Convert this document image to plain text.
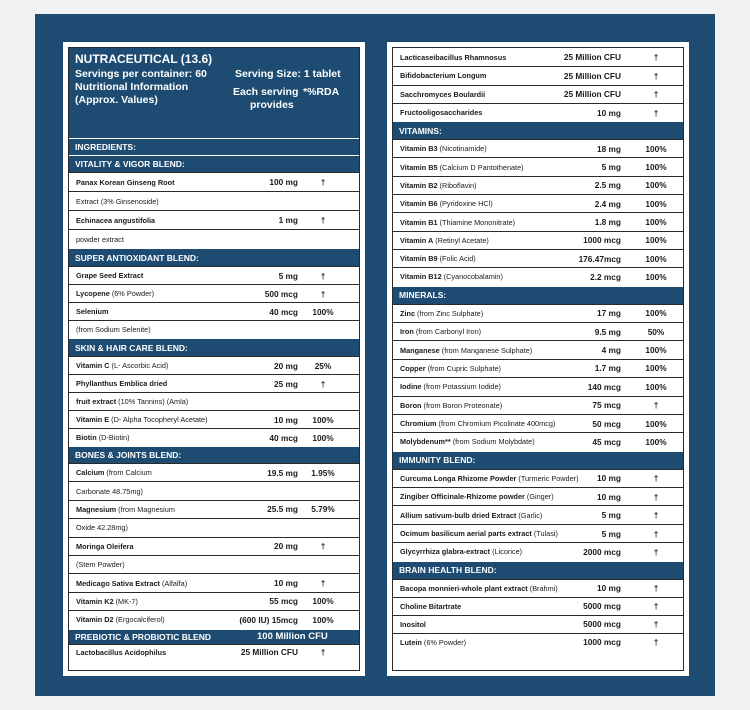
NUTRACEUTICAL (13.6)
Servings per container: 60
Nutritional Information
(Approx. Values)
Serving Size: 1 tablet
Each serving
provides
*%RDA
INGREDIENTS:
VITALITY & VIGOR BLEND:
Panax Korean Ginseng Root	100 mg	†
Extract (3% Ginsenoside)
Echinacea angustifolia	1 mg	†
powder extract
SUPER ANTIOXIDANT BLEND:
Grape Seed Extract	5 mg	†
Lycopene (6% Powder)	500 mcg	†
Selenium	40 mcg	100%
(from Sodium Selenite)
SKIN & HAIR CARE BLEND:
Vitamin C (L- Ascorbic Acid)	20 mg	25%
Phyllanthus Emblica dried	25 mg	†
fruit extract (10% Tannins) (Amla)
Vitamin E (D- Alpha Tocopheryl Acetate)	10 mg	100%
Biotin (D-Biotin)	40 mcg	100%
BONES & JOINTS BLEND:
Calcium (from Calcium	19.5 mg	1.95%
Carbonate 48.75mg)
Magnesium (from Magnesium	25.5 mg	5.79%
Oxide 42.28mg)
Moringa Oleifera	20 mg	†
(Stem Powder)
Medicago Sativa Extract (Alfalfa)	10 mg	†
Vitamin K2 (MK-7)	55 mcg	100%
Vitamin D2 (Ergocalciferol)	(600 IU) 15mcg	100%
PREBIOTIC & PROBIOTIC BLEND	100 Million CFU
Lactobacillus Acidophilus	25 Million CFU	†
Lacticaseibacillus Rhamnosus	25 Million CFU	†
Bifidobacterium Longum	25 Million CFU	†
Sacchromyces Boulardii	25 Million CFU	†
Fructooligosaccharides	10 mg	†
VITAMINS:
Vitamin B3 (Nicotinamide)	18 mg	100%
Vitamin B5 (Calcium D Pantothenate)	5 mg	100%
Vitamin B2 (Riboflavin)	2.5 mg	100%
Vitamin B6 (Pyridoxine HCl)	2.4 mg	100%
Vitamin B1 (Thiamine Mononitrate)	1.8 mg	100%
Vitamin A (Retinyl Acetate)	1000 mcg	100%
Vitamin B9 (Folic Acid)	176.47mcg	100%
Vitamin B12 (Cyanocobalamin)	2.2 mcg	100%
MINERALS:
Zinc (from Zinc Sulphate)	17 mg	100%
Iron (from Carbonyl Iron)	9.5 mg	50%
Manganese (from Manganese Sulphate)	4 mg	100%
Copper (from Cupric Sulphate)	1.7 mg	100%
Iodine (from Potassium Iodide)	140 mcg	100%
Boron (from Boron Proteonate)	75 mcg	†
Chromium (from Chromium Picolinate 400mcg)	50 mcg	100%
Molybdenum** (from Sodium Molybdate)	45 mcg	100%
IMMUNITY BLEND:
Curcuma Longa Rhizome Powder (Turmeric Powder) 10 mg	†
Zingiber Officinale-Rhizome powder (Ginger)	10 mg	†
Allium sativum-bulb dried Extract (Garlic)	5 mg	†
Ocimum basilicum aerial parts extract (Tulasi)	5 mg	†
Glycyrrhiza glabra-extract (Licorice)	2000 mcg	†
BRAIN HEALTH BLEND:
Bacopa monnieri-whole plant extract (Brahmi)	10 mg	†
Choline Bitartrate	5000 mcg	†
Inositol	5000 mcg	†
Lutein (6% Powder)	1000 mcg	†
